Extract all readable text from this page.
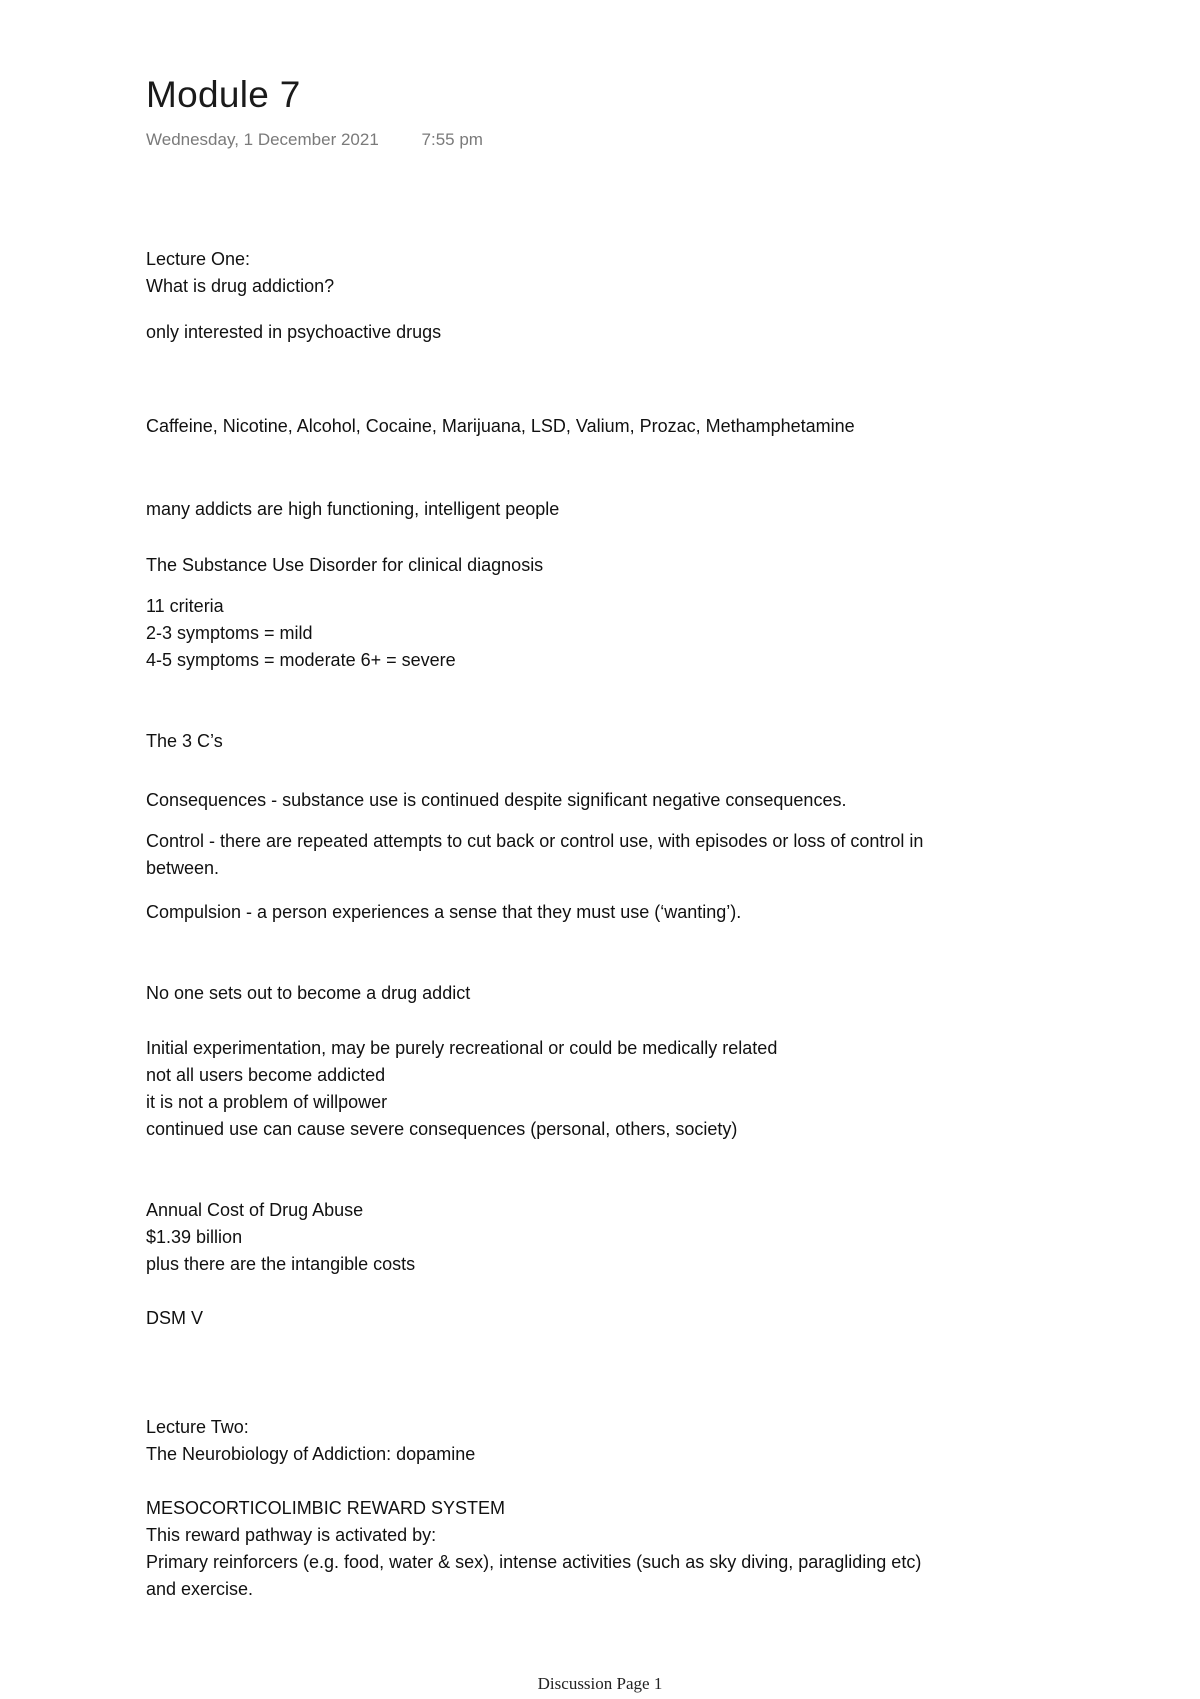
Module 7
Wednesday, 1 December 2021	7:55 pm
Lecture One:
What is drug addiction?
only interested in psychoactive drugs
Caffeine, Nicotine, Alcohol, Cocaine, Marijuana, LSD, Valium, Prozac, Methamphetamine
many addicts are high functioning, intelligent people
The Substance Use Disorder for clinical diagnosis
11 criteria
2-3 symptoms = mild
4-5 symptoms = moderate 6+ = severe
The 3 C’s
Consequences - substance use is continued despite significant negative consequences.
Control - there are repeated attempts to cut back or control use, with episodes or loss of control in
between.
Compulsion - a person experiences a sense that they must use (‘wanting’).
No one sets out to become a drug addict
Initial experimentation, may be purely recreational or could be medically related
not all users become addicted
it is not a problem of willpower
continued use can cause severe consequences (personal, others, society)
Annual Cost of Drug Abuse
$1.39 billion
plus there are the intangible costs
DSM V
Lecture Two:
The Neurobiology of Addiction: dopamine
MESOCORTICOLIMBIC REWARD SYSTEM
This reward pathway is activated by:
Primary reinforcers (e.g. food, water & sex), intense activities (such as sky diving, paragliding etc)
and exercise.
Discussion Page 1
